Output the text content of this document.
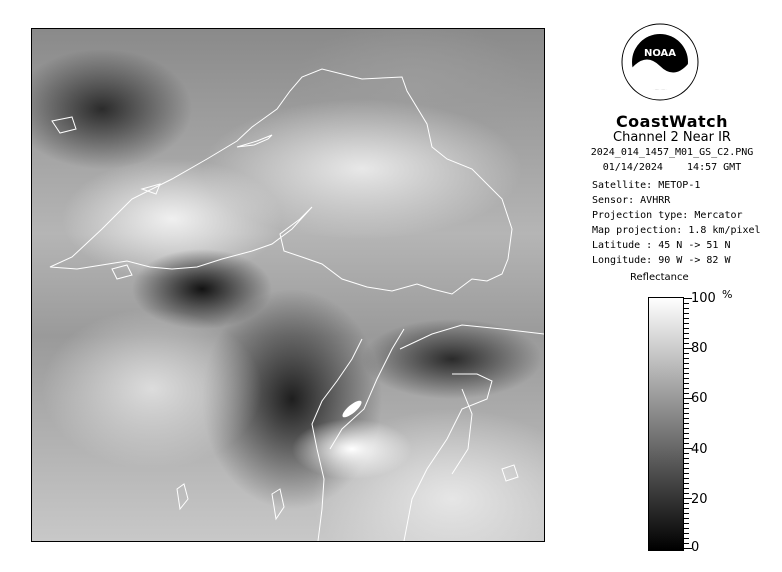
NOAA
CoastWatch
Channel 2 Near IR
2024_014_1457_M01_GS_C2.PNG
01/14/2024    14:57 GMT
Satellite: METOP-1
Sensor: AVHRR
Projection type: Mercator
Map projection: 1.8 km/pixel
Latitude : 45 N -> 51 N
Longitude: 90 W -> 82 W
Reflectance
%
100
80
60
40
20
0
